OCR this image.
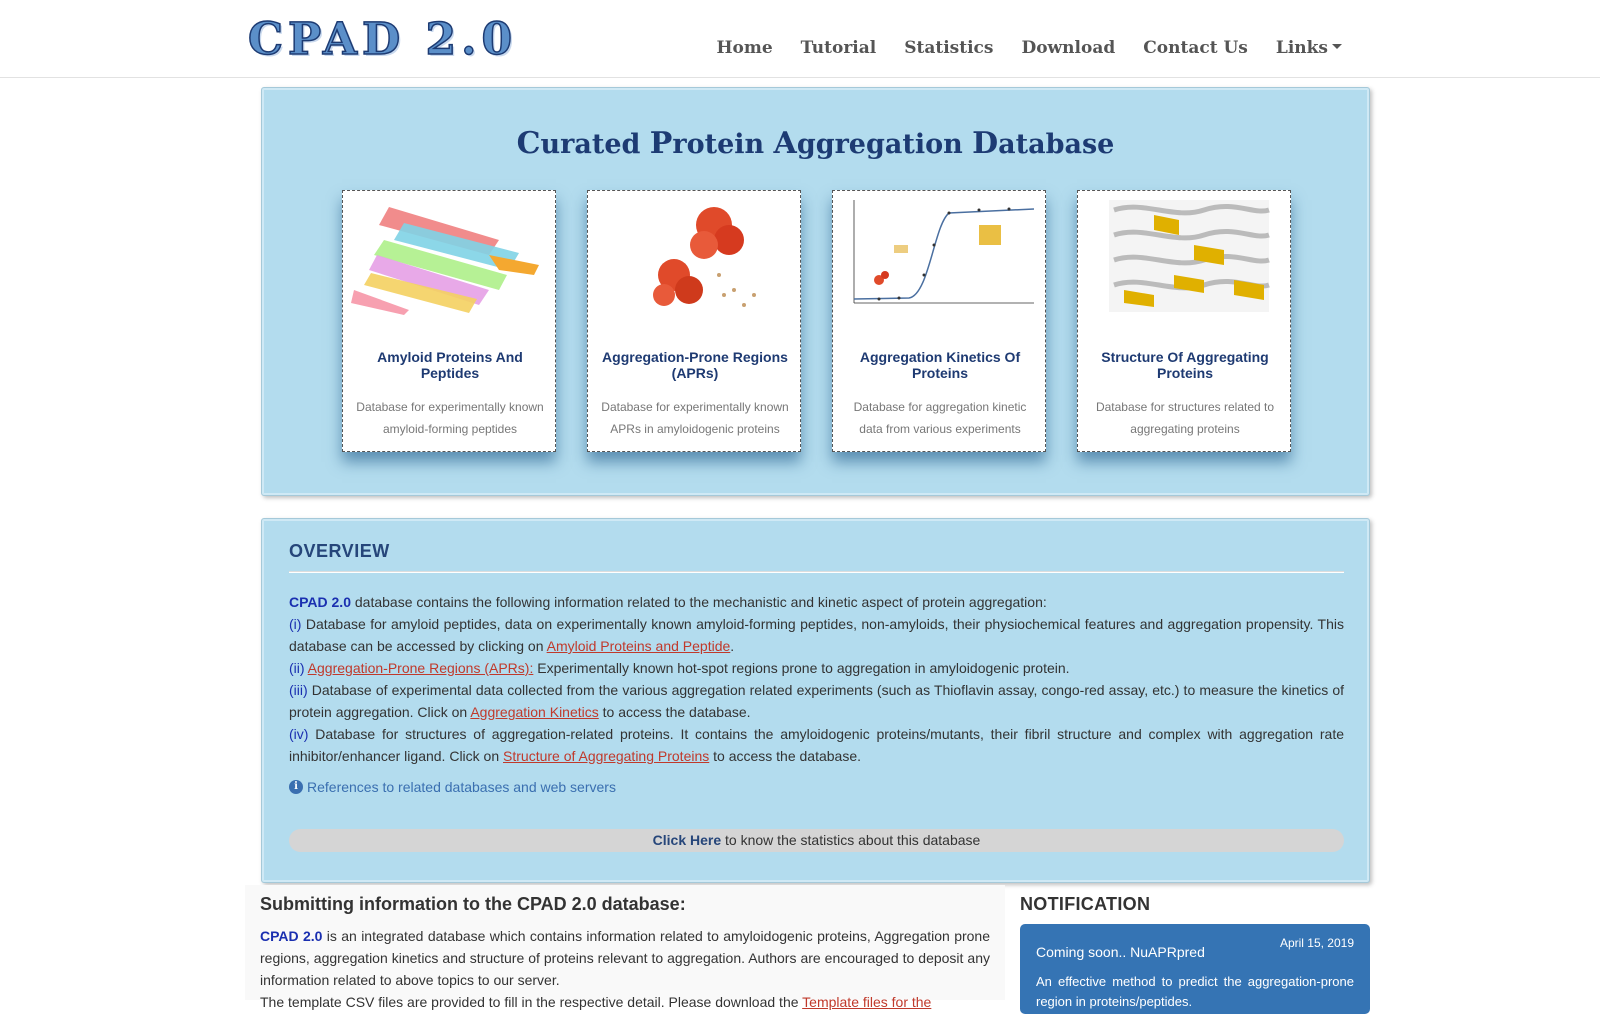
CPAD 2.0	Home Tutorial Statistics Download Contact Us Links
Curated Protein Aggregation Database
Amyloid Proteins And Peptides
Database for experimentally known amyloid-forming peptides
Aggregation-Prone Regions (APRs)
Database for experimentally known APRs in amyloidogenic proteins
Aggregation Kinetics Of Proteins
Database for aggregation kinetic data from various experiments
Structure Of Aggregating Proteins
Database for structures related to aggregating proteins
OVERVIEW
CPAD 2.0 database contains the following information related to the mechanistic and kinetic aspect of protein aggregation:
(i) Database for amyloid peptides, data on experimentally known amyloid-forming peptides, non-amyloids, their physiochemical features and aggregation propensity. This database can be accessed by clicking on Amyloid Proteins and Peptide.
(ii) Aggregation-Prone Regions (APRs): Experimentally known hot-spot regions prone to aggregation in amyloidogenic protein.
(iii) Database of experimental data collected from the various aggregation related experiments (such as Thioflavin assay, congo-red assay, etc.) to measure the kinetics of protein aggregation. Click on Aggregation Kinetics to access the database.
(iv) Database for structures of aggregation-related proteins. It contains the amyloidogenic proteins/mutants, their fibril structure and complex with aggregation rate inhibitor/enhancer ligand. Click on Structure of Aggregating Proteins to access the database.
i References to related databases and web servers
Click Here to know the statistics about this database
Submitting information to the CPAD 2.0 database:

CPAD 2.0 is an integrated database which contains information related to amyloidogenic proteins, Aggregation prone regions, aggregation kinetics and structure of proteins relevant to aggregation. Authors are encouraged to deposit any information related to above topics to our server.
The template CSV files are provided to fill in the respective detail. Please download the Template files for the

NOTIFICATION
April 15, 2019
Coming soon.. NuAPRpred
An effective method to predict the aggregation-prone region in proteins/peptides.
